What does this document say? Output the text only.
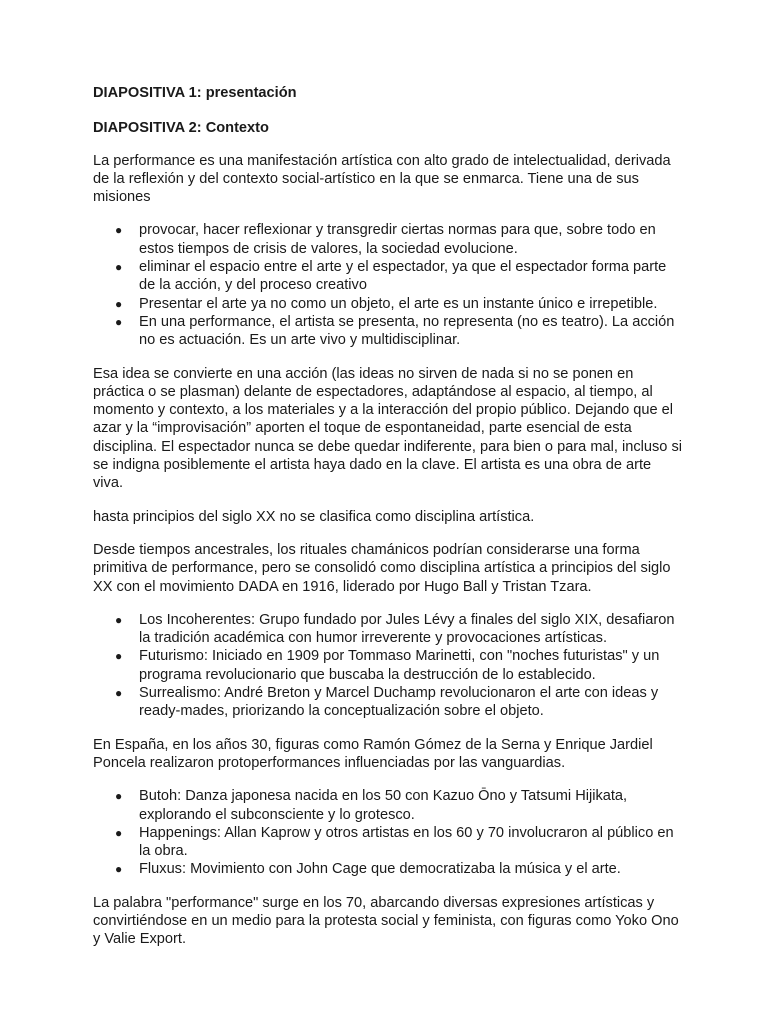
DIAPOSITIVA 1: presentación
DIAPOSITIVA 2: Contexto

La performance es una manifestación artística con alto grado de intelectualidad, derivada de la reflexión y del contexto social-artístico en la que se enmarca. Tiene una de sus misiones

● provocar, hacer reflexionar y transgredir ciertas normas para que, sobre todo en estos tiempos de crisis de valores, la sociedad evolucione.
● eliminar el espacio entre el arte y el espectador, ya que el espectador forma parte de la acción, y del proceso creativo
● Presentar el arte ya no como un objeto, el arte es un instante único e irrepetible.
● En una performance, el artista se presenta, no representa (no es teatro). La acción no es actuación. Es un arte vivo y multidisciplinar.

Esa idea se convierte en una acción (las ideas no sirven de nada si no se ponen en práctica o se plasman) delante de espectadores, adaptándose al espacio, al tiempo, al momento y contexto, a los materiales y a la interacción del propio público. Dejando que el azar y la “improvisación” aporten el toque de espontaneidad, parte esencial de esta disciplina. El espectador nunca se debe quedar indiferente, para bien o para mal, incluso si se indigna posiblemente el artista haya dado en la clave. El artista es una obra de arte viva.

hasta principios del siglo XX no se clasifica como disciplina artística.

Desde tiempos ancestrales, los rituales chamánicos podrían considerarse una forma primitiva de performance, pero se consolidó como disciplina artística a principios del siglo XX con el movimiento DADA en 1916, liderado por Hugo Ball y Tristan Tzara.

● Los Incoherentes: Grupo fundado por Jules Lévy a finales del siglo XIX, desafiaron la tradición académica con humor irreverente y provocaciones artísticas.
● Futurismo: Iniciado en 1909 por Tommaso Marinetti, con "noches futuristas" y un programa revolucionario que buscaba la destrucción de lo establecido.
● Surrealismo: André Breton y Marcel Duchamp revolucionaron el arte con ideas y ready-mades, priorizando la conceptualización sobre el objeto.

En España, en los años 30, figuras como Ramón Gómez de la Serna y Enrique Jardiel Poncela realizaron protoperformances influenciadas por las vanguardias.

● Butoh: Danza japonesa nacida en los 50 con Kazuo Ōno y Tatsumi Hijikata, explorando el subconsciente y lo grotesco.
● Happenings: Allan Kaprow y otros artistas en los 60 y 70 involucraron al público en la obra.
● Fluxus: Movimiento con John Cage que democratizaba la música y el arte.

La palabra "performance" surge en los 70, abarcando diversas expresiones artísticas y convirtiéndose en un medio para la protesta social y feminista, con figuras como Yoko Ono y Valie Export.
